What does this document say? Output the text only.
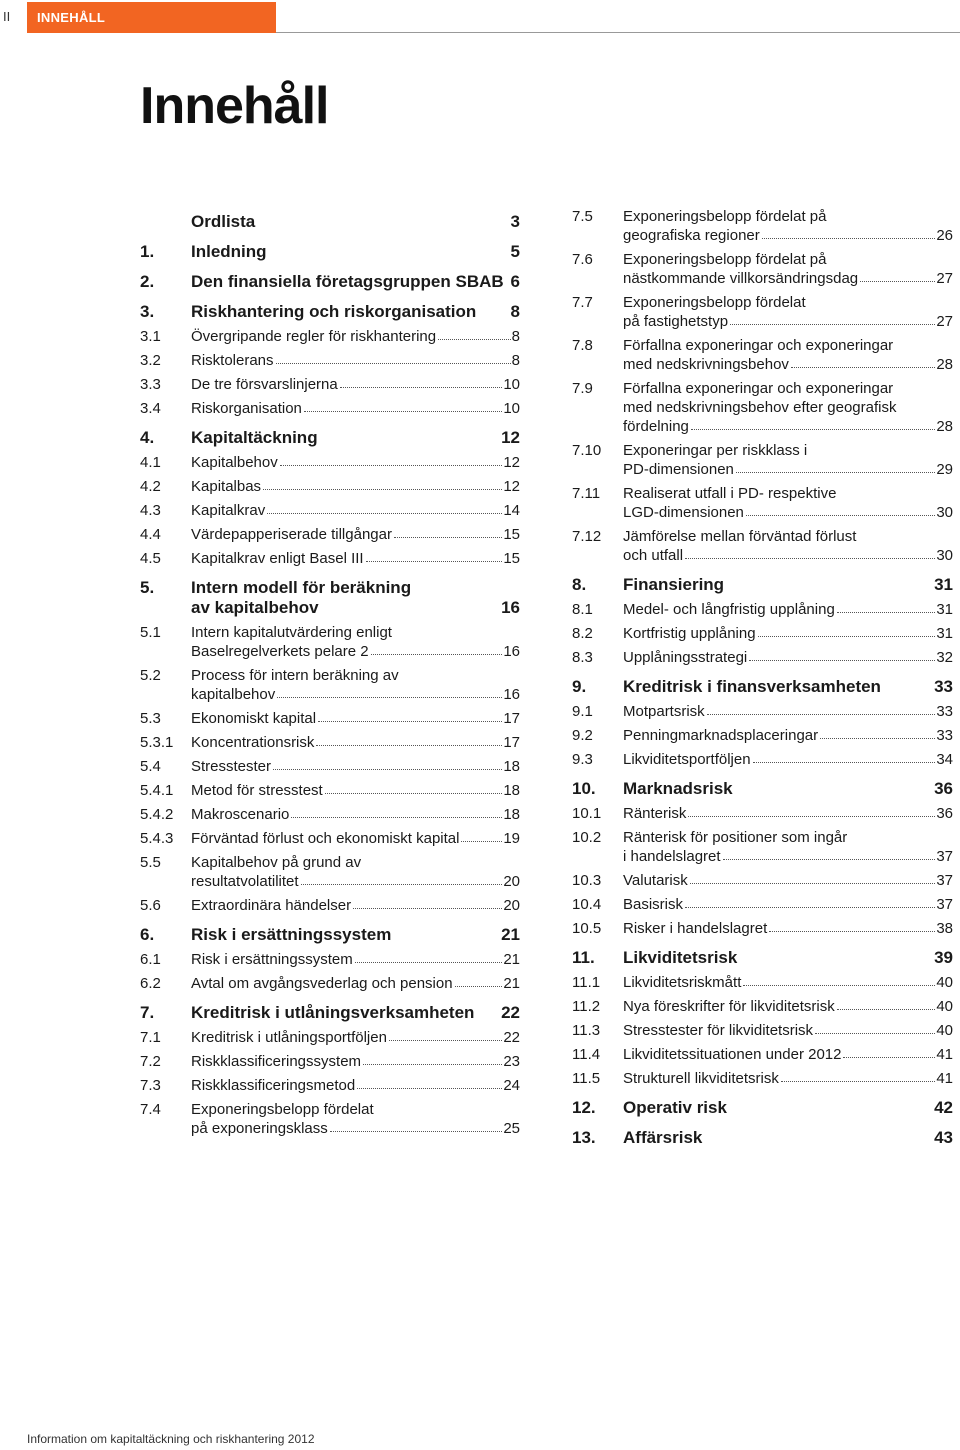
II	INNEHÅLL
Innehåll
Ordlista	3
1.	Inledning	5
2.	Den finansiella företagsgruppen SBAB 6
3.	Riskhantering och riskorganisation 8
3.1	Övergripande regler för riskhantering	8
3.2	Risktolerans	8
3.3	De tre försvarslinjerna	10
3.4	Riskorganisation	10
4.	Kapitaltäckning	12
4.1	Kapitalbehov	12
4.2	Kapitalbas	12
4.3	Kapitalkrav	14
4.4	Värdepapperiserade tillgångar	15
4.5	Kapitalkrav enligt Basel III	15
5.	Intern modell för beräkning
av kapitalbehov	16
5.1	Intern kapitalutvärdering enligt
Baselregelverkets pelare 2	16
5.2	Process för intern beräkning av
kapitalbehov	16
5.3	Ekonomiskt kapital	17
5.3.1	Koncentrationsrisk	17
5.4	Stresstester	18
5.4.1	Metod för stresstest	18
5.4.2	Makroscenario	18
5.4.3	Förväntad förlust och ekonomiskt kapital	19
5.5	Kapitalbehov på grund av
resultatvolatilitet	20
5.6	Extraordinära händelser	20
6.	Risk i ersättningssystem	21
6.1	Risk i ersättningssystem	21
6.2	Avtal om avgångsvederlag och pension	21
7.	Kreditrisk i utlåningsverksamheten 22
7.1	Kreditrisk i utlåningsportföljen	22
7.2	Riskklassificeringssystem	23
7.3	Riskklassificeringsmetod	24
7.4	Exponeringsbelopp fördelat
på exponeringsklass	25
7.5	Exponeringsbelopp fördelat på
geografiska regioner	26
7.6	Exponeringsbelopp fördelat på
nästkommande villkorsändringsdag	27
7.7	Exponeringsbelopp fördelat
på fastighetstyp	27
7.8	Förfallna exponeringar och exponeringar
med nedskrivningsbehov	28
7.9	Förfallna exponeringar och exponeringar
med nedskrivningsbehov efter geografisk
fördelning	28
7.10	Exponeringar per riskklass i
PD-dimensionen	29
7.11	Realiserat utfall i PD- respektive
LGD-dimensionen	30
7.12	Jämförelse mellan förväntad förlust
och utfall	30
8.	Finansiering	31
8.1	Medel- och långfristig upplåning	31
8.2	Kortfristig upplåning	31
8.3	Upplåningsstrategi	32
9.	Kreditrisk i finansverksamheten	33
9.1	Motpartsrisk	33
9.2	Penningmarknadsplaceringar	33
9.3	Likviditetsportföljen	34
10.	Marknadsrisk	36
10.1	Ränterisk	36
10.2	Ränterisk för positioner som ingår
i handelslagret	37
10.3	Valutarisk	37
10.4	Basisrisk	37
10.5	Risker i handelslagret	38
11.	Likviditetsrisk	39
11.1	Likviditetsriskmått	40
11.2	Nya föreskrifter för likviditetsrisk	40
11.3	Stresstester för likviditetsrisk	40
11.4	Likviditetssituationen under 2012	41
11.5	Strukturell likviditetsrisk	41
12.	Operativ risk	42
13.	Affärsrisk	43
Information om kapitaltäckning och riskhantering 2012
